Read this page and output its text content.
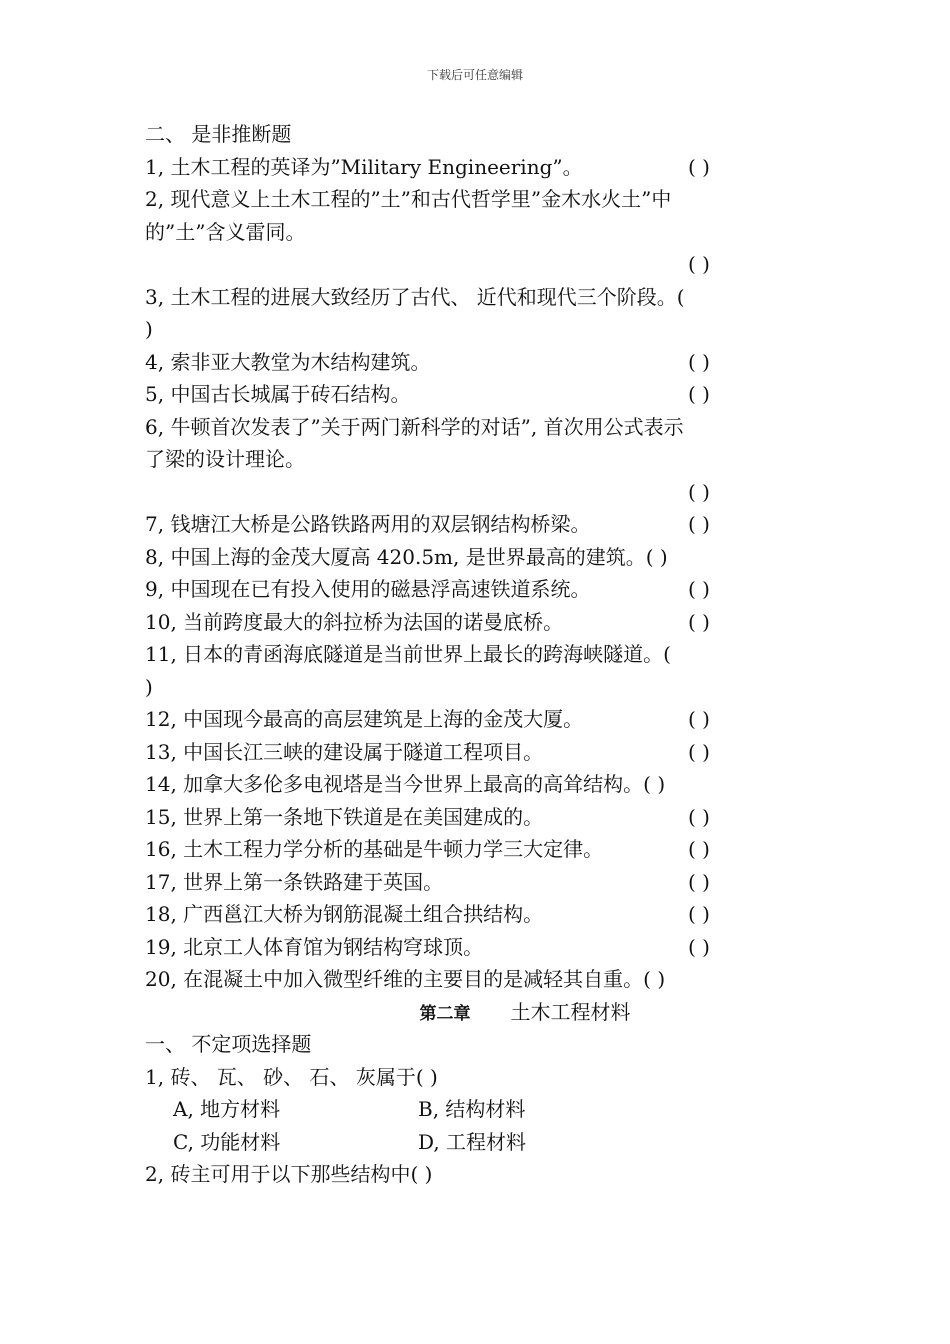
下载后可任意编辑
二、 是非推断题
1, 土木工程的英译为”Military Engineering”。	( )
2, 现代意义上土木工程的”土”和古代哲学里”金木水火土”中
的”土”含义雷同。
( )
3, 土木工程的进展大致经历了古代、 近代和现代三个阶段。(
)
4, 索非亚大教堂为木结构建筑。	( )
5, 中国古长城属于砖石结构。	( )
6, 牛顿首次发表了”关于两门新科学的对话”, 首次用公式表示
了梁的设计理论。
( )
7, 钱塘江大桥是公路铁路两用的双层钢结构桥梁。	( )
8, 中国上海的金茂大厦高 420.5m, 是世界最高的建筑。( )
9, 中国现在已有投入使用的磁悬浮高速铁道系统。	( )
10, 当前跨度最大的斜拉桥为法国的诺曼底桥。	( )
11, 日本的青函海底隧道是当前世界上最长的跨海峡隧道。(
)
12, 中国现今最高的高层建筑是上海的金茂大厦。	( )
13, 中国长江三峡的建设属于隧道工程项目。	( )
14, 加拿大多伦多电视塔是当今世界上最高的高耸结构。( )
15, 世界上第一条地下铁道是在美国建成的。	( )
16, 土木工程力学分析的基础是牛顿力学三大定律。	( )
17, 世界上第一条铁路建于英国。	( )
18, 广西邕江大桥为钢筋混凝土组合拱结构。	( )
19, 北京工人体育馆为钢结构穹球顶。	( )
20, 在混凝土中加入微型纤维的主要目的是减轻其自重。( )
第二章 土木工程材料
一、 不定项选择题
1, 砖、 瓦、 砂、 石、 灰属于( )
A, 地方材料	B, 结构材料
C, 功能材料	D, 工程材料
2, 砖主可用于以下那些结构中( )
